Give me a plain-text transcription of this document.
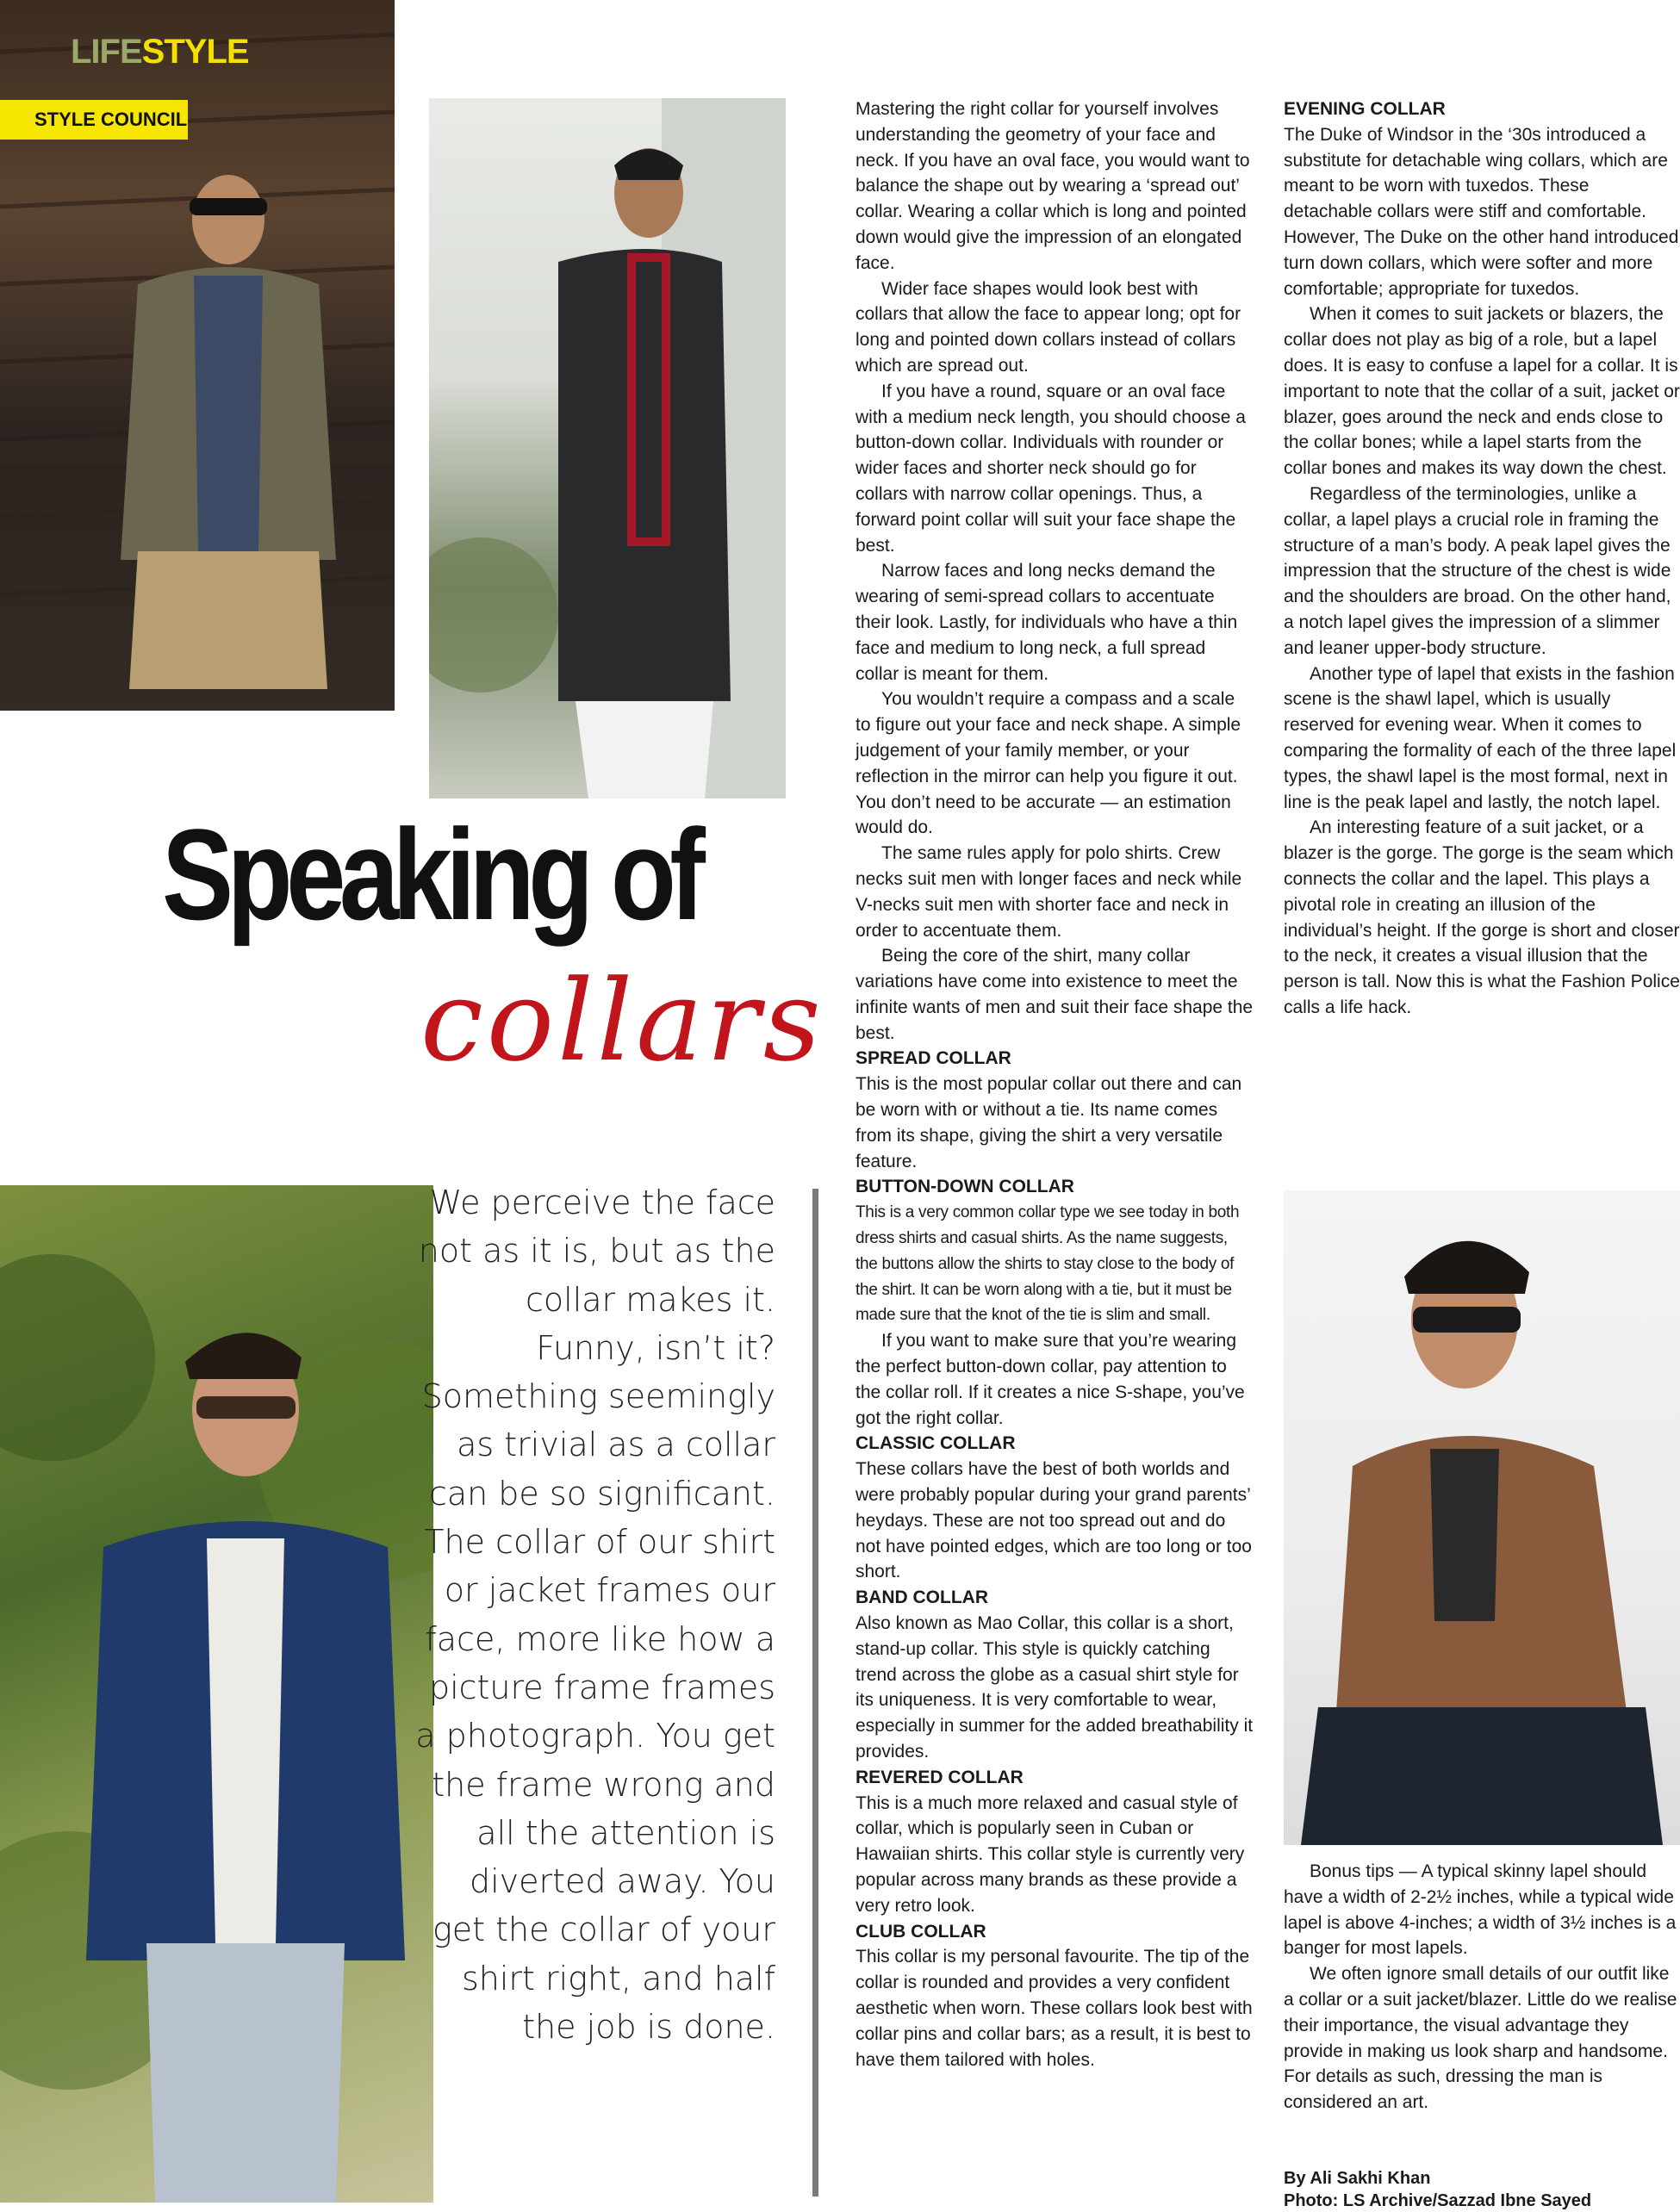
LIFESTYLE
STYLE COUNCIL
Speaking of
collars
We perceive the face not as it is, but as the collar makes it. Funny, isn’t it? Something seemingly as trivial as a collar can be so significant. The collar of our shirt or jacket frames our face, more like how a picture frame frames a photograph. You get the frame wrong and all the attention is diverted away. You get the collar of your shirt right, and half the job is done.

Mastering the right collar for yourself involves understanding the geometry of your face and neck. If you have an oval face, you would want to balance the shape out by wearing a ‘spread out’ collar. Wearing a collar which is long and pointed down would give the impression of an elongated face.

Wider face shapes would look best with collars that allow the face to appear long; opt for long and pointed down collars instead of collars which are spread out.

If you have a round, square or an oval face with a medium neck length, you should choose a button-down collar. Individuals with rounder or wider faces and shorter neck should go for collars with narrow collar openings. Thus, a forward point collar will suit your face shape the best.

Narrow faces and long necks demand the wearing of semi-spread collars to accentuate their look. Lastly, for individuals who have a thin face and medium to long neck, a full spread collar is meant for them.

You wouldn’t require a compass and a scale to figure out your face and neck shape. A simple judgement of your family member, or your reflection in the mirror can help you figure it out. You don’t need to be accurate — an estimation would do.

The same rules apply for polo shirts. Crew necks suit men with longer faces and neck while V-necks suit men with shorter face and neck in order to accentuate them.

Being the core of the shirt, many collar variations have come into existence to meet the infinite wants of men and suit their face shape the best.

SPREAD COLLAR

This is the most popular collar out there and can be worn with or without a tie. Its name comes from its shape, giving the shirt a very versatile feature.

BUTTON-DOWN COLLAR

This is a very common collar type we see today in both dress shirts and casual shirts. As the name suggests, the buttons allow the shirts to stay close to the body of the shirt. It can be worn along with a tie, but it must be made sure that the knot of the tie is slim and small.

If you want to make sure that you’re wearing the perfect button-down collar, pay attention to the collar roll. If it creates a nice S-shape, you’ve got the right collar.

CLASSIC COLLAR

These collars have the best of both worlds and were probably popular during your grand parents’ heydays. These are not too spread out and do not have pointed edges, which are too long or too short.

BAND COLLAR

Also known as Mao Collar, this collar is a short, stand-up collar. This style is quickly catching trend across the globe as a casual shirt style for its uniqueness. It is very comfortable to wear, especially in summer for the added breathability it provides.

REVERED COLLAR

This is a much more relaxed and casual style of collar, which is popularly seen in Cuban or Hawaiian shirts. This collar style is currently very popular across many brands as these provide a very retro look.

CLUB COLLAR

This collar is my personal favourite. The tip of the collar is rounded and provides a very confident aesthetic when worn. These collars look best with collar pins and collar bars; as a result, it is best to have them tailored with holes.

EVENING COLLAR

The Duke of Windsor in the ‘30s introduced a substitute for detachable wing collars, which are meant to be worn with tuxedos. These detachable collars were stiff and comfortable. However, The Duke on the other hand introduced turn down collars, which were softer and more comfortable; appropriate for tuxedos.

When it comes to suit jackets or blazers, the collar does not play as big of a role, but a lapel does. It is easy to confuse a lapel for a collar. It is important to note that the collar of a suit, jacket or blazer, goes around the neck and ends close to the collar bones; while a lapel starts from the collar bones and makes its way down the chest.

Regardless of the terminologies, unlike a collar, a lapel plays a crucial role in framing the structure of a man’s body. A peak lapel gives the impression that the structure of the chest is wide and the shoulders are broad. On the other hand, a notch lapel gives the impression of a slimmer and leaner upper-body structure.

Another type of lapel that exists in the fashion scene is the shawl lapel, which is usually reserved for evening wear. When it comes to comparing the formality of each of the three lapel types, the shawl lapel is the most formal, next in line is the peak lapel and lastly, the notch lapel.

An interesting feature of a suit jacket, or a blazer is the gorge. The gorge is the seam which connects the collar and the lapel. This plays a pivotal role in creating an illusion of the individual’s height. If the gorge is short and closer to the neck, it creates a visual illusion that the person is tall. Now this is what the Fashion Police calls a life hack.

Bonus tips — A typical skinny lapel should have a width of 2-2½ inches, while a typical wide lapel is above 4-inches; a width of 3½ inches is a banger for most lapels.

We often ignore small details of our outfit like a collar or a suit jacket/blazer. Little do we realise their importance, the visual advantage they provide in making us look sharp and handsome. For details as such, dressing the man is considered an art.

By Ali Sakhi Khan
Photo: LS Archive/Sazzad Ibne Sayed
